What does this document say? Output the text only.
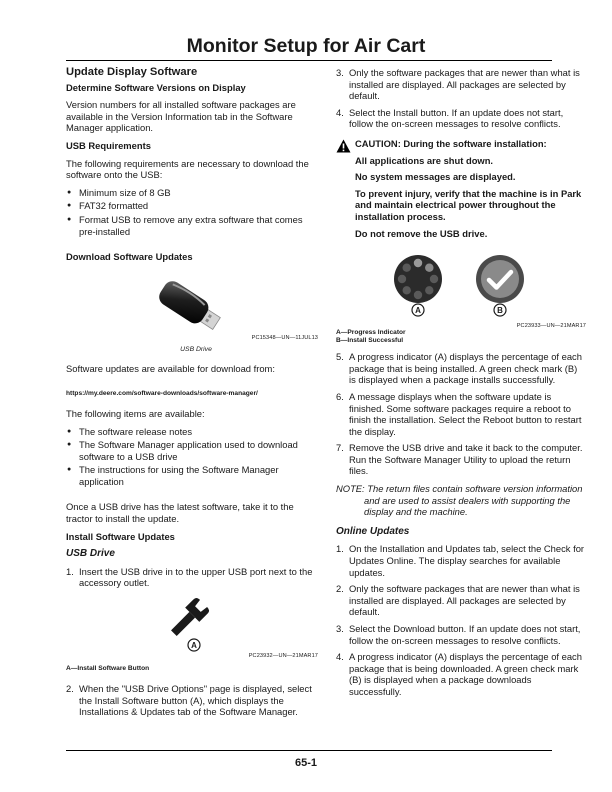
Monitor Setup for Air Cart
Update Display Software
Determine Software Versions on Display

Version numbers for all installed software packages are available in the Version Information tab in the Software Manager application.

USB Requirements

The following requirements are necessary to download the software onto the USB:

● Minimum size of 8 GB
● FAT32 formatted
● Format USB to remove any extra software that comes pre-installed
Download Software Updates
PC15348—UN—11JUL13
USB Drive

Software updates are available for download from:

https://my.deere.com/software-downloads/software-manager/

The following items are available:

● The software release notes
● The Software Manager application used to download software to a USB drive
● The instructions for using the Software Manager application

Once a USB drive has the latest software, take it to the tractor to install the update.

Install Software Updates
USB Drive
1. Insert the USB drive in to the upper USB port next to the accessory outlet.
A
PC23932—UN—21MAR17
A—Install Software Button
2. When the "USB Drive Options" page is displayed, select the Install Software button (A), which displays the Installations & Updates tab of the Software Manager.
3. Only the software packages that are newer than what is installed are displayed. All packages are selected by default.
4. Select the Install button. If an update does not start, follow the on-screen messages to resolve conflicts.

CAUTION: During the software installation:

All applications are shut down.

No system messages are displayed.

To prevent injury, verify that the machine is in Park and maintain electrical power throughout the installation process.

Do not remove the USB drive.

A	B
PC23933—UN—21MAR17
A—Progress Indicator
B—Install Successful
5. A progress indicator (A) displays the percentage of each package that is being installed. A green check mark (B) is displayed when a package installs successfully.
6. A message displays when the software update is finished. Some software packages require a reboot to finish the installation. Select the Reboot button to restart the display.
7. Remove the USB drive and take it back to the computer. Run the Software Manager Utility to upload the return files.

NOTE: The return files contain software version information and are used to assist dealers with supporting the display and the machine.

Online Updates
1. On the Installation and Updates tab, select the Check for Updates Online. The display searches for available updates.
2. Only the software packages that are newer than what is installed are displayed. All packages are selected by default.
3. Select the Download button. If an update does not start, follow the on-screen messages to resolve conflicts.
4. A progress indicator (A) displays the percentage of each package that is being downloaded. A green check mark (B) is displayed when a package downloads successfully.
65-1
